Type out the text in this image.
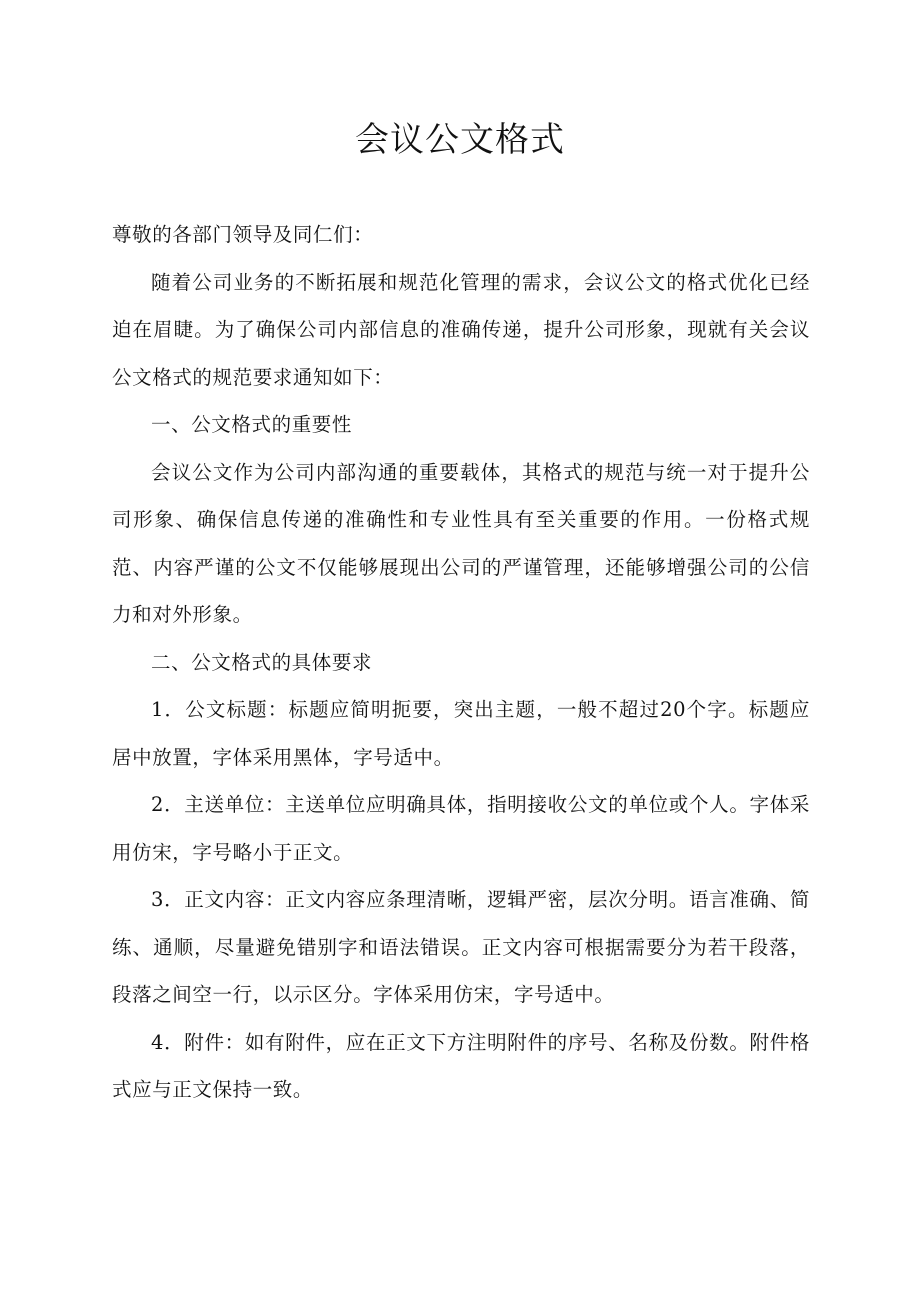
会议公文格式

尊敬的各部门领导及同仁们：

随着公司业务的不断拓展和规范化管理的需求，会议公文的格式优化已经迫在眉睫。为了确保公司内部信息的准确传递，提升公司形象，现就有关会议公文格式的规范要求通知如下：

一、公文格式的重要性

会议公文作为公司内部沟通的重要载体，其格式的规范与统一对于提升公司形象、确保信息传递的准确性和专业性具有至关重要的作用。一份格式规范、内容严谨的公文不仅能够展现出公司的严谨管理，还能够增强公司的公信力和对外形象。

二、公文格式的具体要求

1．公文标题：标题应简明扼要，突出主题，一般不超过20个字。标题应居中放置，字体采用黑体，字号适中。

2．主送单位：主送单位应明确具体，指明接收公文的单位或个人。字体采用仿宋，字号略小于正文。

3．正文内容：正文内容应条理清晰，逻辑严密，层次分明。语言准确、简练、通顺，尽量避免错别字和语法错误。正文内容可根据需要分为若干段落，段落之间空一行，以示区分。字体采用仿宋，字号适中。

4．附件：如有附件，应在正文下方注明附件的序号、名称及份数。附件格式应与正文保持一致。
